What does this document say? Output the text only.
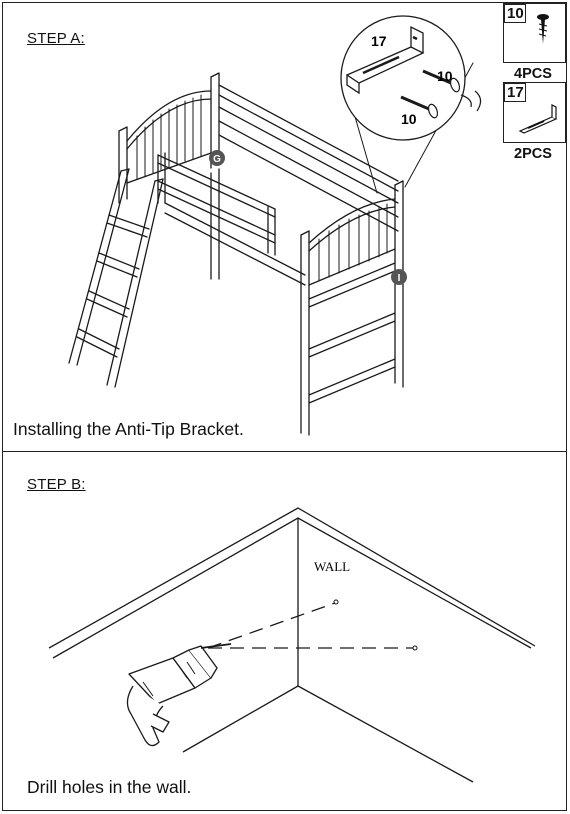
STEP A:	17
10
10
G
I
10
4PCS
17
2PCS
Installing the Anti-Tip Bracket.
STEP B:
WALL
Drill holes in the wall.
